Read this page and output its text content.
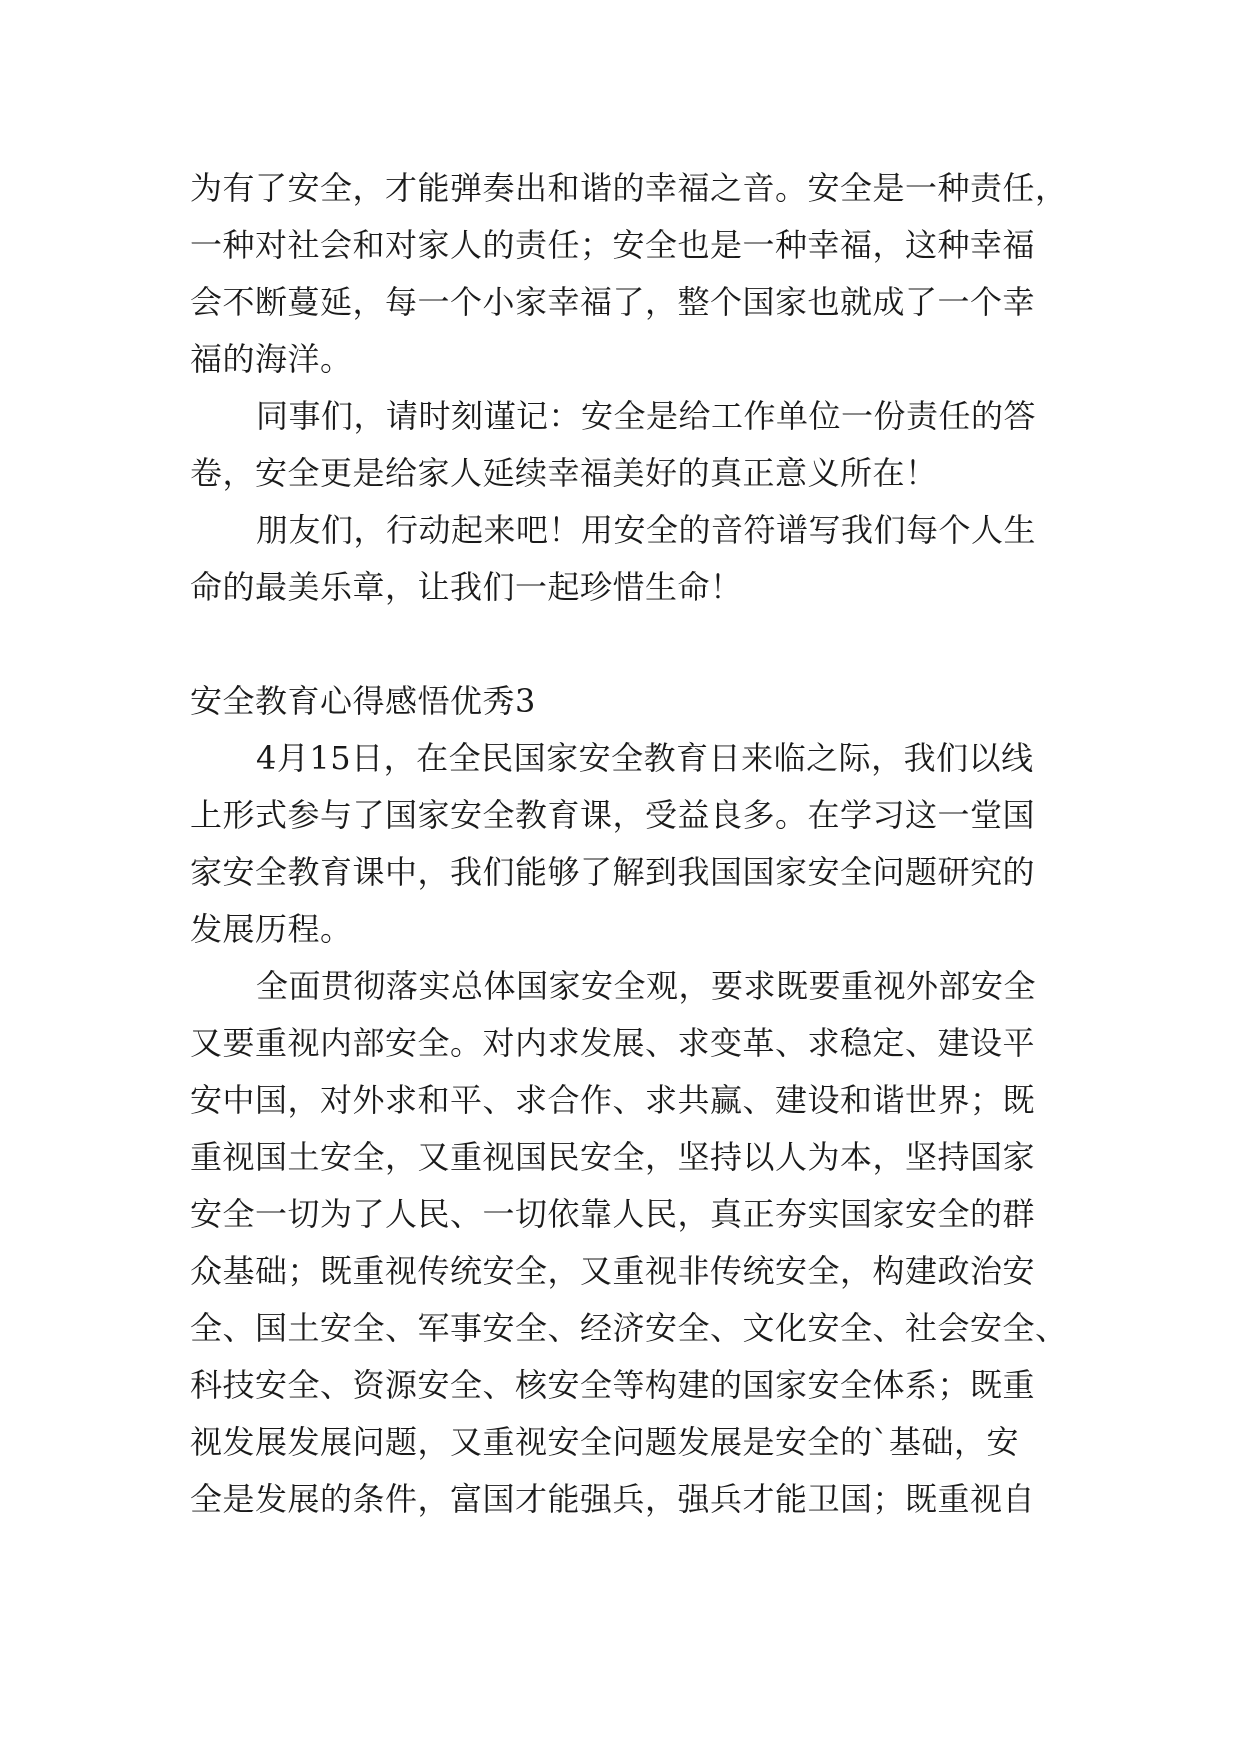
为有了安全，才能弹奏出和谐的幸福之音。安全是一种责任，
一种对社会和对家人的责任；安全也是一种幸福，这种幸福
会不断蔓延，每一个小家幸福了，整个国家也就成了一个幸
福的海洋。
同事们，请时刻谨记：安全是给工作单位一份责任的答
卷，安全更是给家人延续幸福美好的真正意义所在！
朋友们，行动起来吧！用安全的音符谱写我们每个人生
命的最美乐章，让我们一起珍惜生命！
安全教育心得感悟优秀3
4月15日，在全民国家安全教育日来临之际，我们以线
上形式参与了国家安全教育课，受益良多。在学习这一堂国
家安全教育课中，我们能够了解到我国国家安全问题研究的
发展历程。
全面贯彻落实总体国家安全观，要求既要重视外部安全
又要重视内部安全。对内求发展、求变革、求稳定、建设平
安中国，对外求和平、求合作、求共赢、建设和谐世界；既
重视国土安全，又重视国民安全，坚持以人为本，坚持国家
安全一切为了人民、一切依靠人民，真正夯实国家安全的群
众基础；既重视传统安全，又重视非传统安全，构建政治安
全、国土安全、军事安全、经济安全、文化安全、社会安全、
科技安全、资源安全、核安全等构建的国家安全体系；既重
视发展发展问题，又重视安全问题发展是安全的`基础，安
全是发展的条件，富国才能强兵，强兵才能卫国；既重视自
